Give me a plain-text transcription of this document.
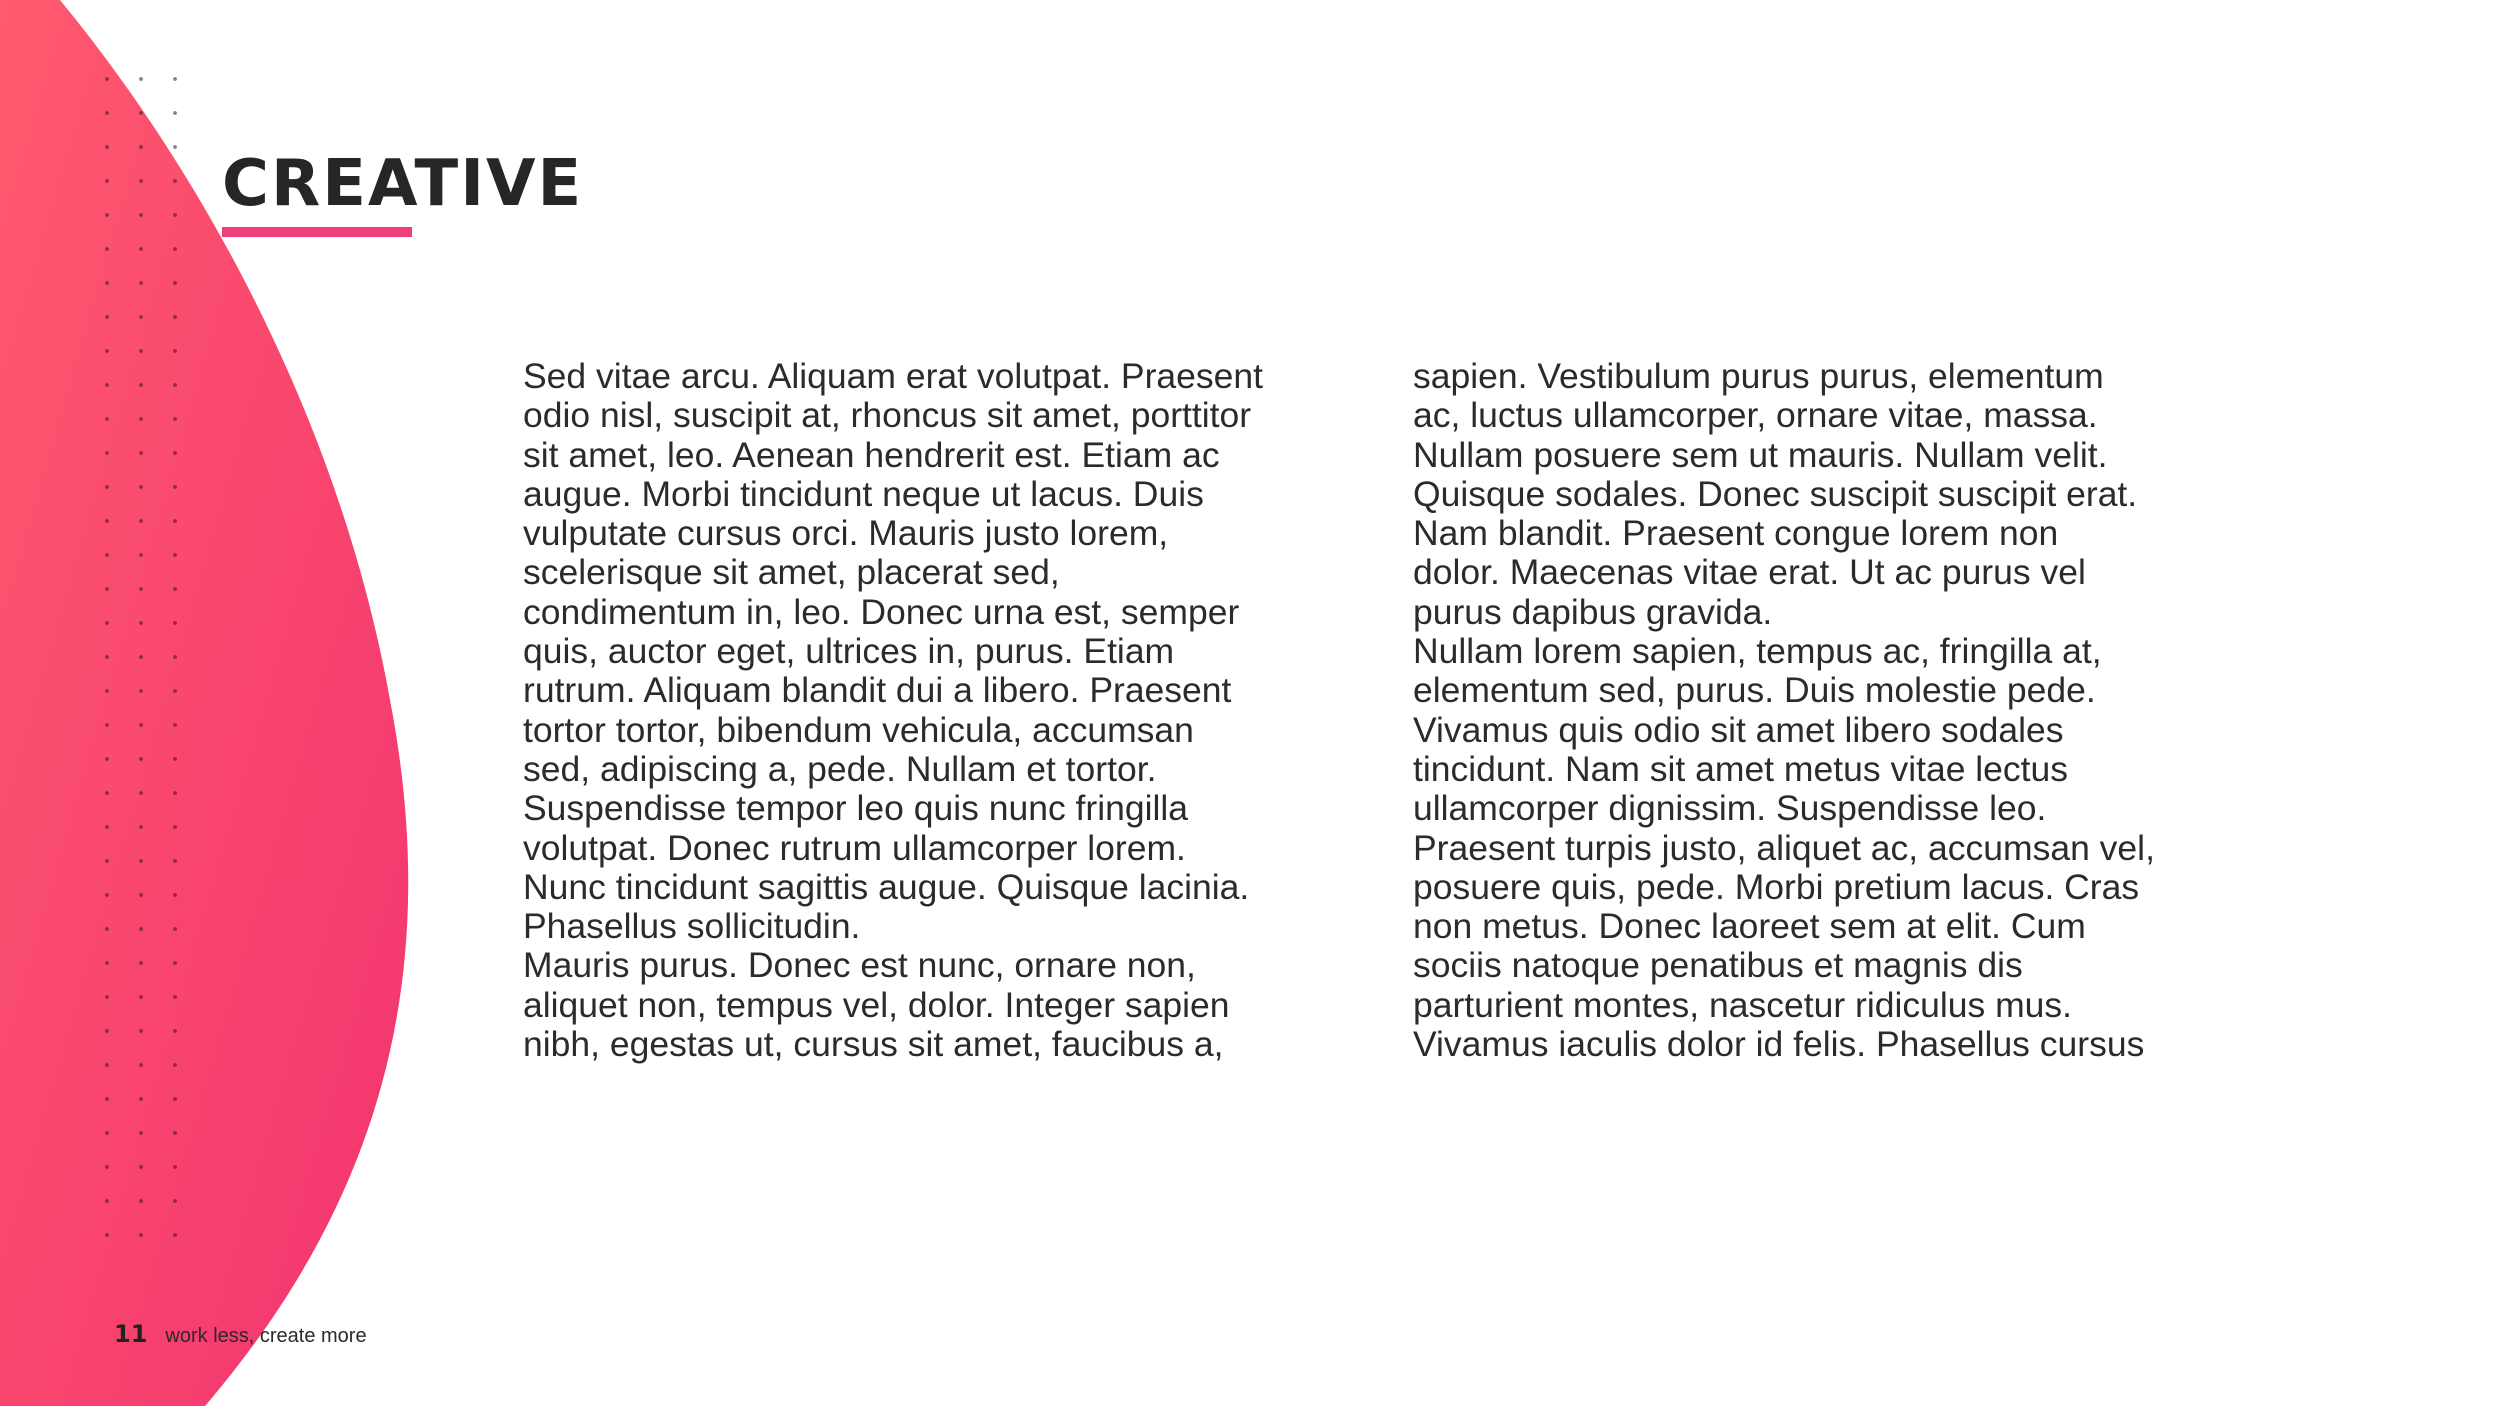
CREATIVE

Sed vitae arcu. Aliquam erat volutpat. Praesent
odio nisl, suscipit at, rhoncus sit amet, porttitor
sit amet, leo. Aenean hendrerit est. Etiam ac
augue. Morbi tincidunt neque ut lacus. Duis
vulputate cursus orci. Mauris justo lorem,
scelerisque sit amet, placerat sed,
condimentum in, leo. Donec urna est, semper
quis, auctor eget, ultrices in, purus. Etiam
rutrum. Aliquam blandit dui a libero. Praesent
tortor tortor, bibendum vehicula, accumsan
sed, adipiscing a, pede. Nullam et tortor.
Suspendisse tempor leo quis nunc fringilla
volutpat. Donec rutrum ullamcorper lorem.
Nunc tincidunt sagittis augue. Quisque lacinia.
Phasellus sollicitudin.
Mauris purus. Donec est nunc, ornare non,
aliquet non, tempus vel, dolor. Integer sapien
nibh, egestas ut, cursus sit amet, faucibus a,

sapien. Vestibulum purus purus, elementum
ac, luctus ullamcorper, ornare vitae, massa.
Nullam posuere sem ut mauris. Nullam velit.
Quisque sodales. Donec suscipit suscipit erat.
Nam blandit. Praesent congue lorem non
dolor. Maecenas vitae erat. Ut ac purus vel
purus dapibus gravida.
Nullam lorem sapien, tempus ac, fringilla at,
elementum sed, purus. Duis molestie pede.
Vivamus quis odio sit amet libero sodales
tincidunt. Nam sit amet metus vitae lectus
ullamcorper dignissim. Suspendisse leo.
Praesent turpis justo, aliquet ac, accumsan vel,
posuere quis, pede. Morbi pretium lacus. Cras
non metus. Donec laoreet sem at elit. Cum
sociis natoque penatibus et magnis dis
parturient montes, nascetur ridiculus mus.
Vivamus iaculis dolor id felis. Phasellus cursus

11 work less, create more
